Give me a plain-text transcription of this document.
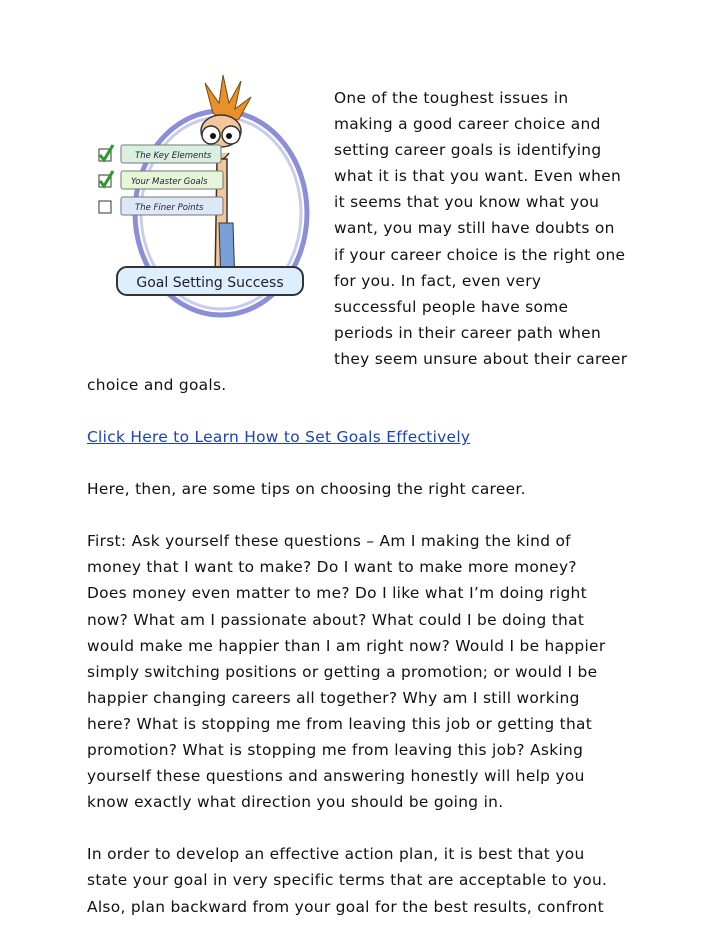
The Key Elements
Your Master Goals
The Finer Points
Goal Setting Success
One of the toughest issues in
making a good career choice and
setting career goals is identifying
what it is that you want. Even when
it seems that you know what you
want, you may still have doubts on
if your career choice is the right one
for you. In fact, even very
successful people have some
periods in their career path when
they seem unsure about their career
choice and goals.
Click Here to Learn How to Set Goals Effectively
Here, then, are some tips on choosing the right career.
First: Ask yourself these questions – Am I making the kind of
money that I want to make? Do I want to make more money?
Does money even matter to me? Do I like what I’m doing right
now? What am I passionate about? What could I be doing that
would make me happier than I am right now? Would I be happier
simply switching positions or getting a promotion; or would I be
happier changing careers all together? Why am I still working
here? What is stopping me from leaving this job or getting that
promotion? What is stopping me from leaving this job? Asking
yourself these questions and answering honestly will help you
know exactly what direction you should be going in.
In order to develop an effective action plan, it is best that you
state your goal in very specific terms that are acceptable to you.
Also, plan backward from your goal for the best results, confront
